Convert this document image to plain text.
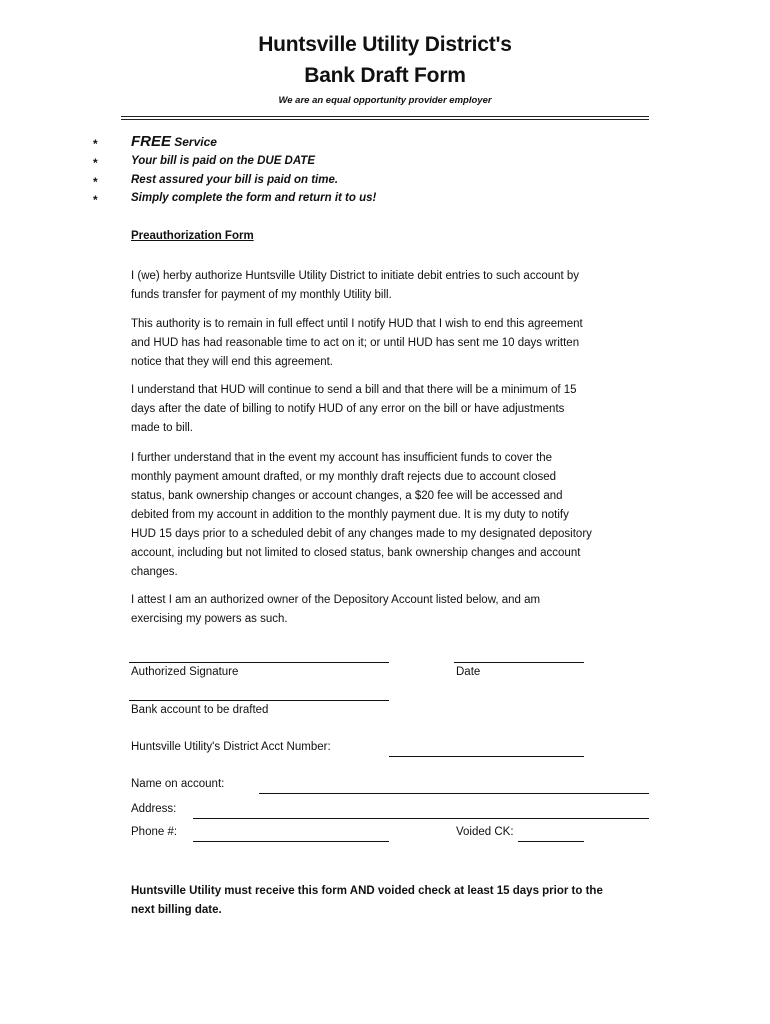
Huntsville Utility District's
Bank Draft Form
We are an equal opportunity provider employer
* FREE Service
*	Your bill is paid on the DUE DATE
*	Rest assured your bill is paid on time.
*	Simply complete the form and return it to us!
Preauthorization Form
I (we) herby authorize Huntsville Utility District to initiate debit entries to such account by
funds transfer for payment of my monthly Utility bill.
This authority is to remain in full effect until I notify HUD that I wish to end this agreement
and HUD has had reasonable time to act on it; or until HUD has sent me 10 days written
notice that they will end this agreement.
I understand that HUD will continue to send a bill and that there will be a minimum of 15
days after the date of billing to notify HUD of any error on the bill or have adjustments
made to bill.
I further understand that in the event my account has insufficient funds to cover the
monthly payment amount drafted, or my monthly draft rejects due to account closed
status, bank ownership changes or account changes, a $20 fee will be accessed and
debited from my account in addition to the monthly payment due. It is my duty to notify
HUD 15 days prior to a scheduled debit of any changes made to my designated depository
account, including but not limited to closed status, bank ownership changes and account
changes.
I attest I am an authorized owner of the Depository Account listed below, and am
exercising my powers as such.
Authorized Signature	Date
Bank account to be drafted
Huntsville Utility's District Acct Number:
Name on account:
Address:
Phone #:	Voided CK:
Huntsville Utility must receive this form AND voided check at least 15 days prior to the
next billing date.
